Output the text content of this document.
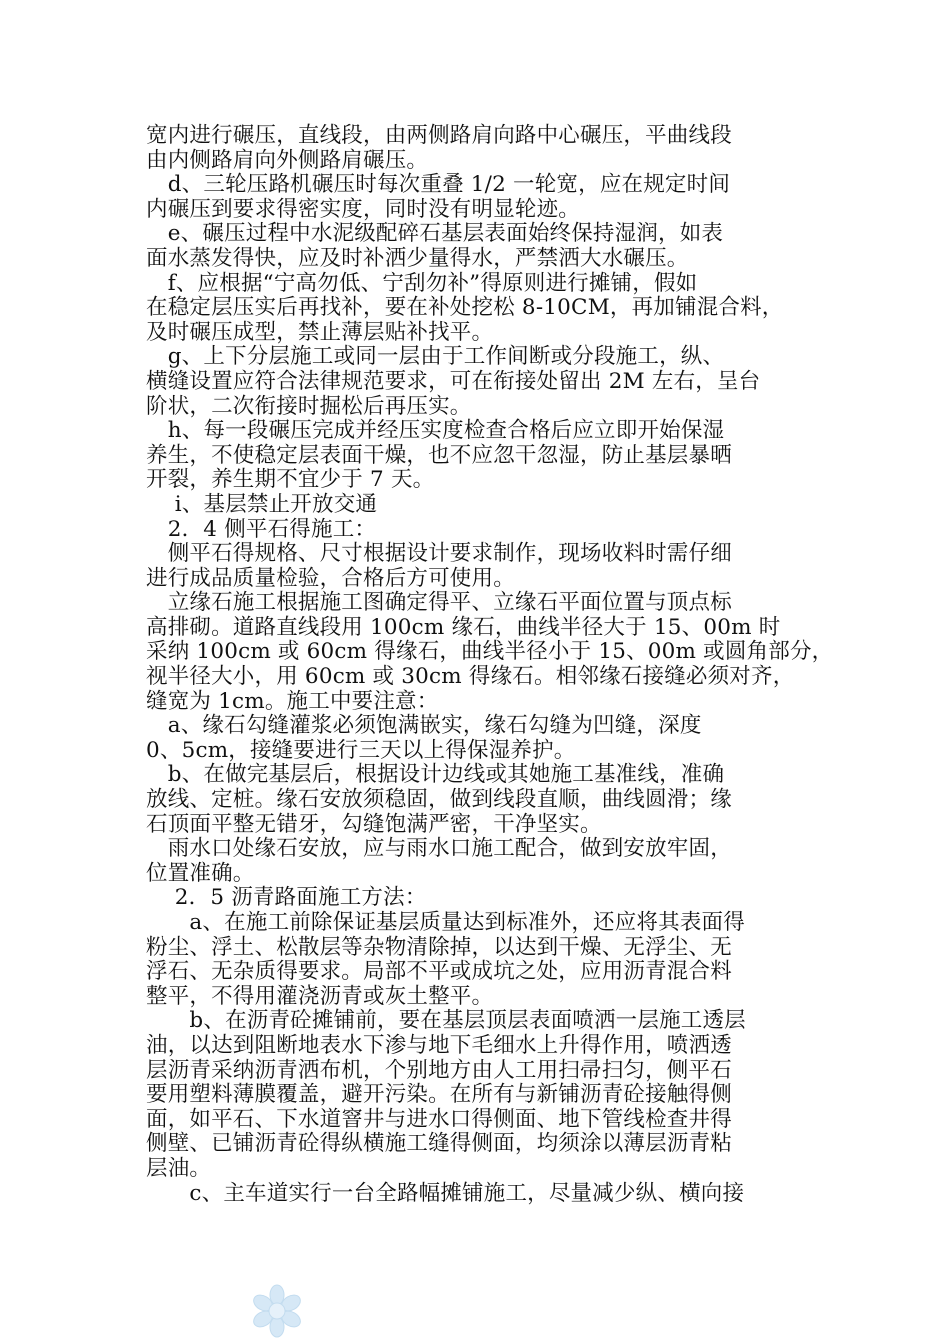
宽内进行碾压，直线段，由两侧路肩向路中心碾压，平曲线段
由内侧路肩向外侧路肩碾压。
　d、三轮压路机碾压时每次重叠 1/2 一轮宽，应在规定时间
内碾压到要求得密实度，同时没有明显轮迹。
　e、碾压过程中水泥级配碎石基层表面始终保持湿润，如表
面水蒸发得快，应及时补洒少量得水，严禁洒大水碾压。
　f、应根据“宁高勿低、宁刮勿补”得原则进行摊铺，假如
在稳定层压实后再找补，要在补处挖松 8-10CM，再加铺混合料，
及时碾压成型，禁止薄层贴补找平。
　g、上下分层施工或同一层由于工作间断或分段施工，纵、
横缝设置应符合法律规范要求，可在衔接处留出 2M 左右，呈台
阶状，二次衔接时掘松后再压实。
　h、每一段碾压完成并经压实度检查合格后应立即开始保湿
养生，不使稳定层表面干燥，也不应忽干忽湿，防止基层暴晒
开裂，养生期不宜少于 7 天。
　 i、基层禁止开放交通
　2．4 侧平石得施工：
　侧平石得规格、尺寸根据设计要求制作，现场收料时需仔细
进行成品质量检验，合格后方可使用。
　立缘石施工根据施工图确定得平、立缘石平面位置与顶点标
高排砌。道路直线段用 100cm 缘石，曲线半径大于 15、00m 时
采纳 100cm 或 60cm 得缘石，曲线半径小于 15、00m 或圆角部分，
视半径大小，用 60cm 或 30cm 得缘石。相邻缘石接缝必须对齐，
缝宽为 1cm。施工中要注意：
　a、缘石勾缝灌浆必须饱满嵌实，缘石勾缝为凹缝，深度
0、5cm，接缝要进行三天以上得保湿养护。
　b、在做完基层后，根据设计边线或其她施工基准线，准确
放线、定桩。缘石安放须稳固，做到线段直顺，曲线圆滑；缘
石顶面平整无错牙，勾缝饱满严密，干净坚实。
　雨水口处缘石安放，应与雨水口施工配合，做到安放牢固，
位置准确。
　 2．5 沥青路面施工方法：
　　a、在施工前除保证基层质量达到标准外，还应将其表面得
粉尘、浮土、松散层等杂物清除掉，以达到干燥、无浮尘、无
浮石、无杂质得要求。局部不平或成坑之处，应用沥青混合料
整平，不得用灌浇沥青或灰土整平。
　　b、在沥青砼摊铺前，要在基层顶层表面喷洒一层施工透层
油，以达到阻断地表水下渗与地下毛细水上升得作用，喷洒透
层沥青采纳沥青洒布机，个别地方由人工用扫帚扫匀，侧平石
要用塑料薄膜覆盖，避开污染。在所有与新铺沥青砼接触得侧
面，如平石、下水道窨井与进水口得侧面、地下管线检查井得
侧壁、已铺沥青砼得纵横施工缝得侧面，均须涂以薄层沥青粘
层油。
　　c、主车道实行一台全路幅摊铺施工，尽量减少纵、横向接
